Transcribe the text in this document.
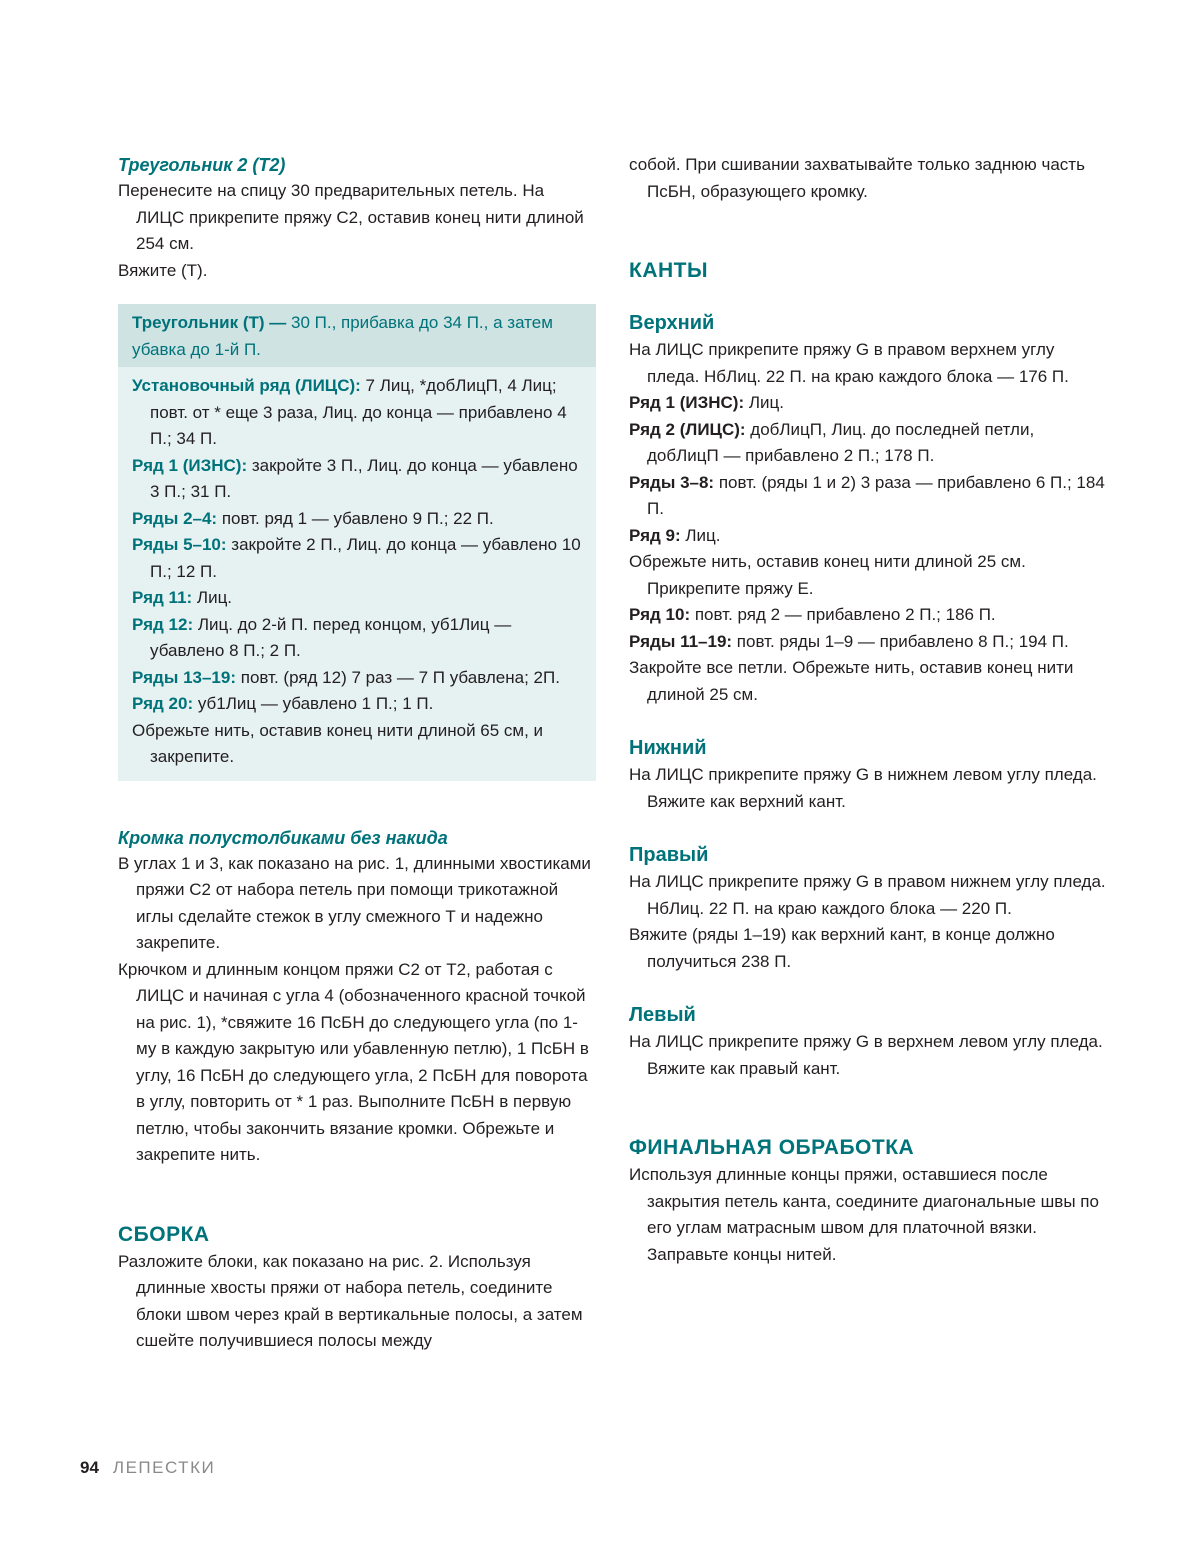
Треугольник 2 (Т2)

Перенесите на спицу 30 предварительных петель. На ЛИЦС прикрепите пряжу С2, оставив конец нити длиной 254 см.

Вяжите (Т).

Треугольник (Т) — 30 П., прибавка до 34 П., а затем убавка до 1-й П.

Установочный ряд (ЛИЦС): 7 Лиц, *добЛицП, 4 Лиц; повт. от * еще 3 раза, Лиц. до конца — прибавлено 4 П.; 34 П.

Ряд 1 (ИЗНС): закройте 3 П., Лиц. до конца — убавлено 3 П.; 31 П.

Ряды 2–4: повт. ряд 1 — убавлено 9 П.; 22 П.

Ряды 5–10: закройте 2 П., Лиц. до конца — убавлено 10 П.; 12 П.

Ряд 11: Лиц.

Ряд 12: Лиц. до 2-й П. перед концом, уб1Лиц — убавлено 8 П.; 2 П.

Ряды 13–19: повт. (ряд 12) 7 раз — 7 П убавлена; 2П.

Ряд 20: уб1Лиц — убавлено 1 П.; 1 П.

Обрежьте нить, оставив конец нити длиной 65 см, и закрепите.

Кромка полустолбиками без накида

В углах 1 и 3, как показано на рис. 1, длинными хвостиками пряжи С2 от набора петель при помощи трикотажной иглы сделайте стежок в углу смежного Т и надежно закрепите.

Крючком и длинным концом пряжи С2 от Т2, работая с ЛИЦС и начиная с угла 4 (обозначенного красной точкой на рис. 1), *свяжите 16 ПсБН до следующего угла (по 1-му в каждую закрытую или убавленную петлю), 1 ПсБН в углу, 16 ПсБН до следующего угла, 2 ПсБН для поворота в углу, повторить от * 1 раз. Выполните ПсБН в первую петлю, чтобы закончить вязание кромки. Обрежьте и закрепите нить.

СБОРКА

Разложите блоки, как показано на рис. 2. Используя длинные хвосты пряжи от набора петель, соедините блоки швом через край в вертикальные полосы, а затем сшейте получившиеся полосы между

собой. При сшивании захватывайте только заднюю часть ПсБН, образующего кромку.

КАНТЫ
Верхний

На ЛИЦС прикрепите пряжу G в правом верхнем углу пледа. НбЛиц. 22 П. на краю каждого блока — 176 П.

Ряд 1 (ИЗНС): Лиц.

Ряд 2 (ЛИЦС): добЛицП, Лиц. до последней петли, добЛицП — прибавлено 2 П.; 178 П.

Ряды 3–8: повт. (ряды 1 и 2) 3 раза — прибавлено 6 П.; 184 П.

Ряд 9: Лиц.

Обрежьте нить, оставив конец нити длиной 25 см. Прикрепите пряжу Е.

Ряд 10: повт. ряд 2 — прибавлено 2 П.; 186 П.

Ряды 11–19: повт. ряды 1–9 — прибавлено 8 П.; 194 П.

Закройте все петли. Обрежьте нить, оставив конец нити длиной 25 см.

Нижний

На ЛИЦС прикрепите пряжу G в нижнем левом углу пледа. Вяжите как верхний кант.

Правый

На ЛИЦС прикрепите пряжу G в правом нижнем углу пледа. НбЛиц. 22 П. на краю каждого блока — 220 П.

Вяжите (ряды 1–19) как верхний кант, в конце должно получиться 238 П.

Левый

На ЛИЦС прикрепите пряжу G в верхнем левом углу пледа. Вяжите как правый кант.

ФИНАЛЬНАЯ ОБРАБОТКА

Используя длинные концы пряжи, оставшиеся после закрытия петель канта, соедините диагональные швы по его углам матрасным швом для платочной вязки. Заправьте концы нитей.

94 ЛЕПЕСТКИ
